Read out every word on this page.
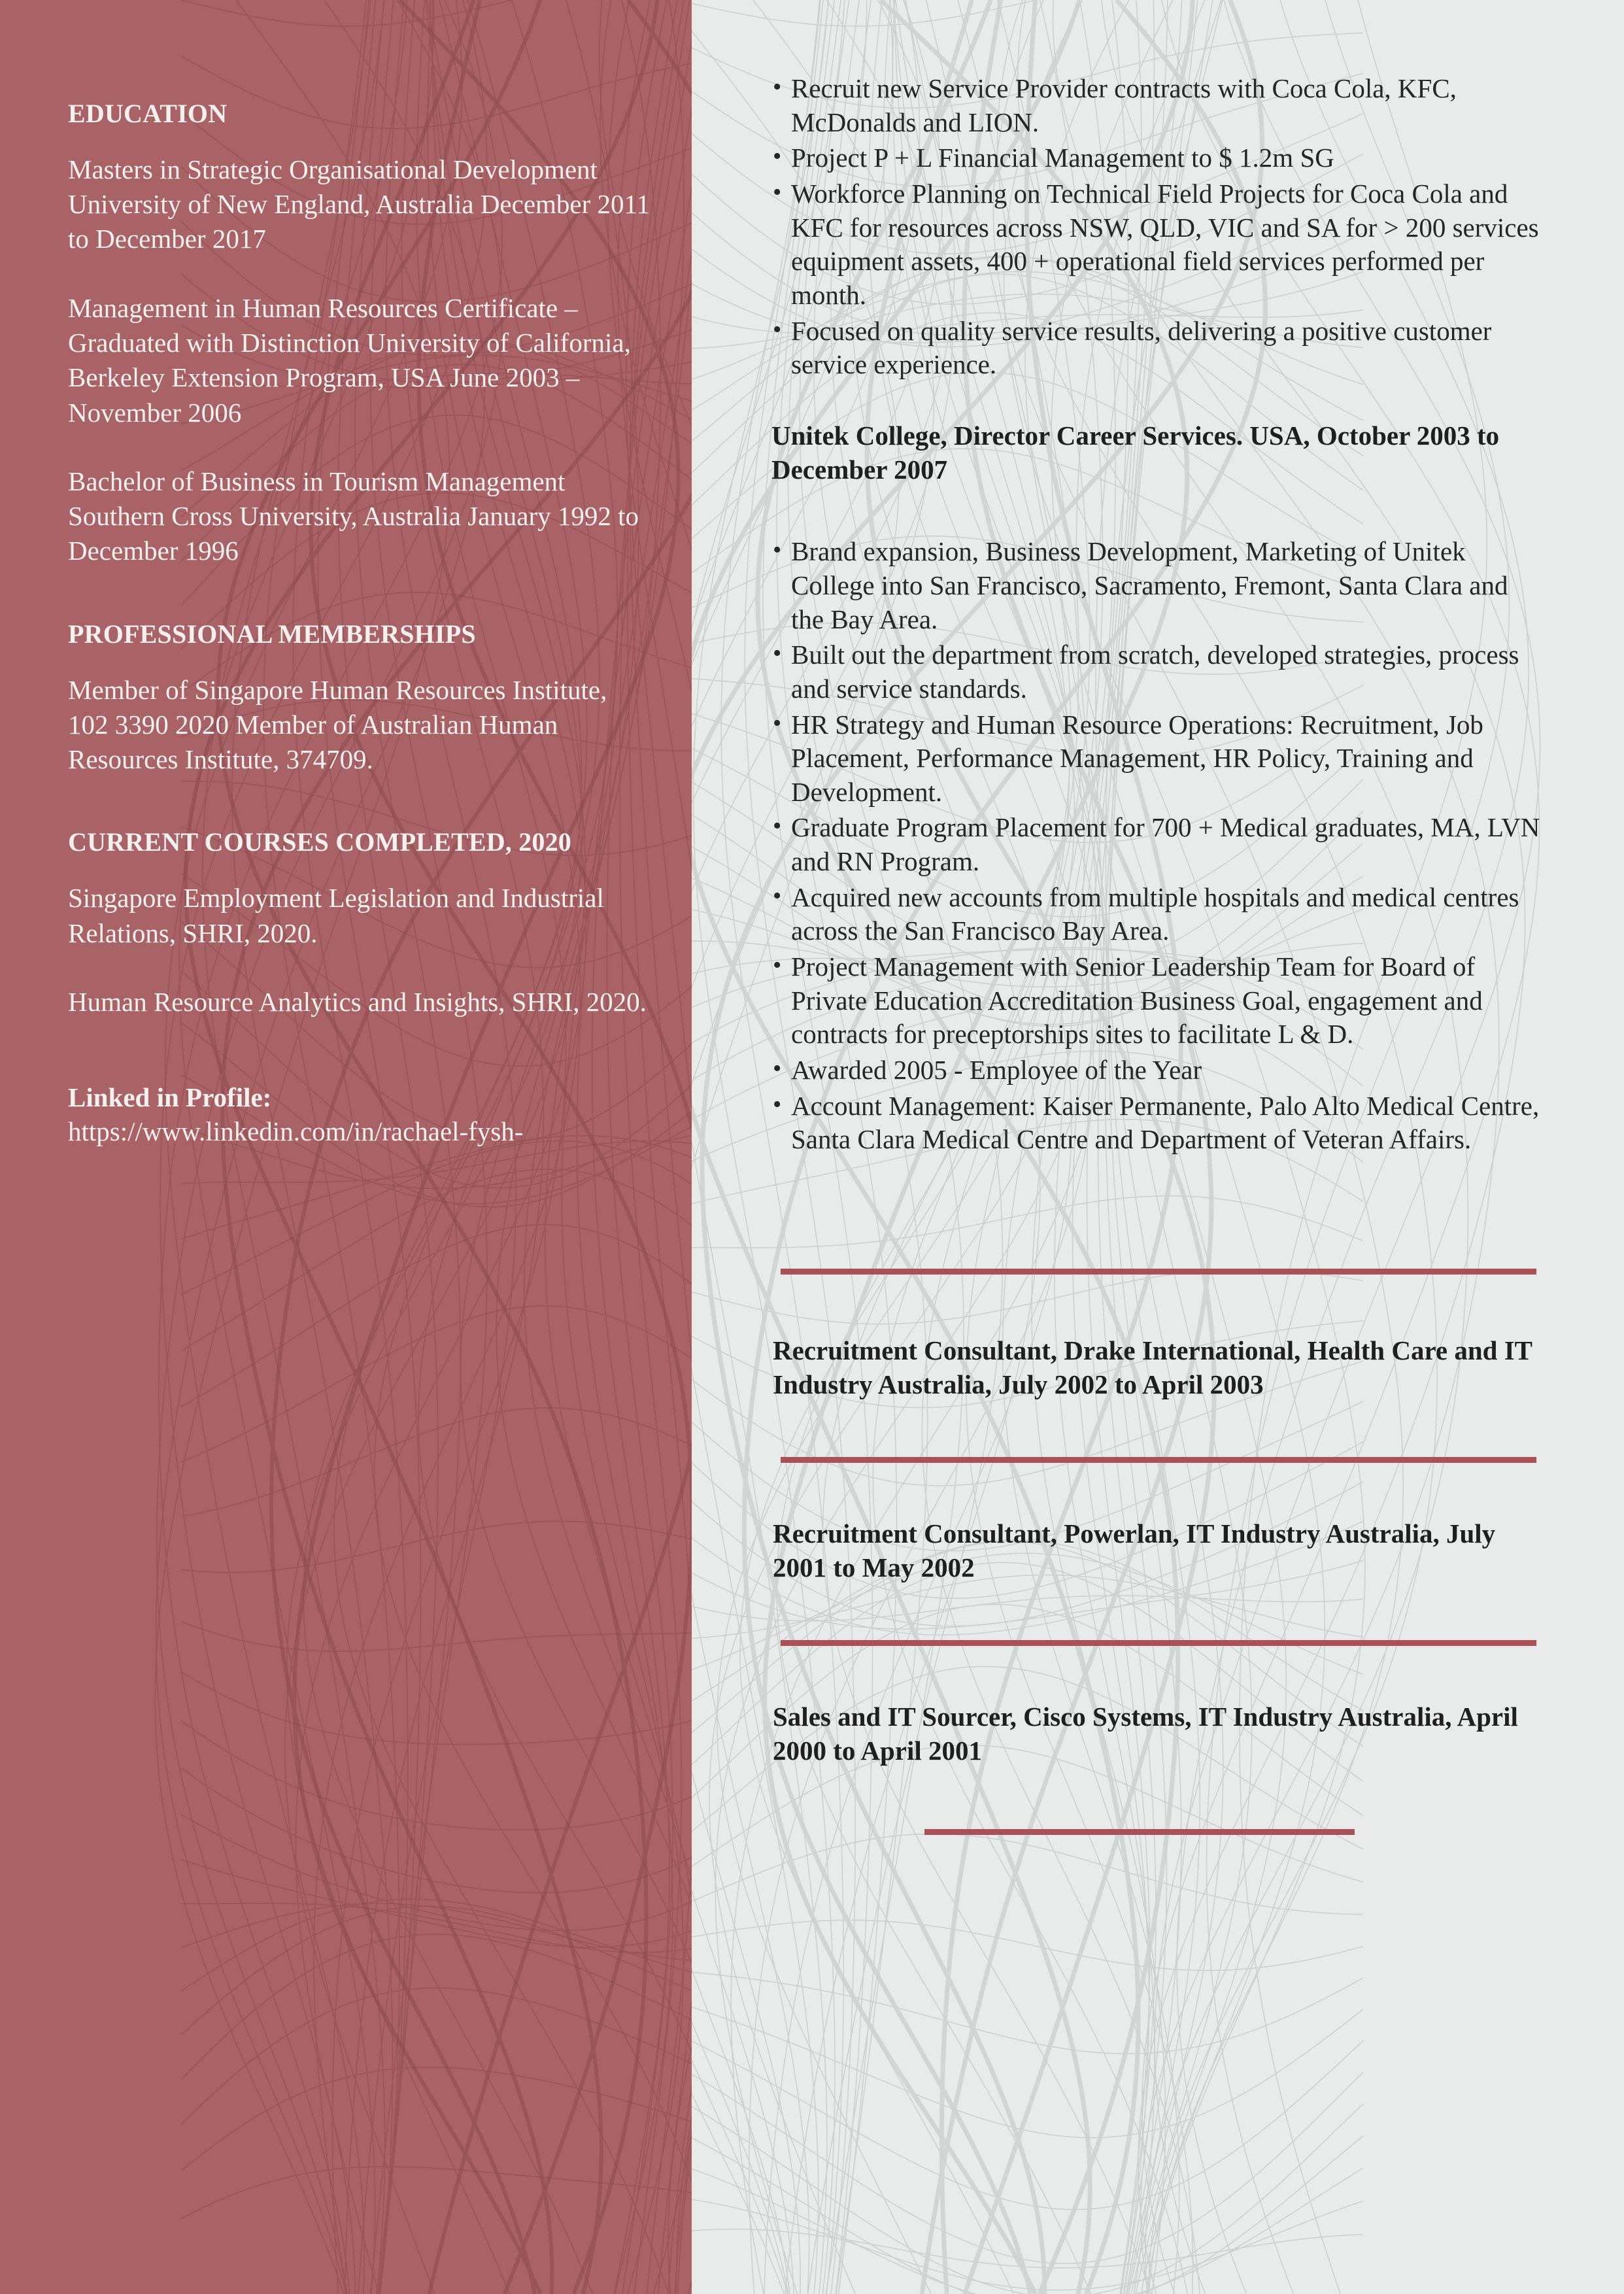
EDUCATION

Masters in Strategic Organisational Development University of New England, Australia December 2011 to December 2017

Management in Human Resources Certificate – Graduated with Distinction University of California, Berkeley Extension Program, USA June 2003 – November 2006

Bachelor of Business in Tourism Management Southern Cross University, Australia January 1992 to December 1996

PROFESSIONAL MEMBERSHIPS

Member of Singapore Human Resources Institute, 102 3390 2020 Member of Australian Human Resources Institute, 374709.

CURRENT COURSES COMPLETED, 2020

Singapore Employment Legislation and Industrial Relations, SHRI, 2020.

Human Resource Analytics and Insights, SHRI, 2020.

Linked in Profile:

https://www.linkedin.com/in/rachael-fysh-

• Recruit new Service Provider contracts with Coca Cola, KFC, McDonalds and LION.
• Project P + L Financial Management to $ 1.2m SG
• Workforce Planning on Technical Field Projects for Coca Cola and KFC for resources across NSW, QLD, VIC and SA for > 200 services equipment assets, 400 + operational field services performed per month.
• Focused on quality service results, delivering a positive customer service experience.

Unitek College, Director Career Services. USA, October 2003 to December 2007

• Brand expansion, Business Development, Marketing of Unitek College into San Francisco, Sacramento, Fremont, Santa Clara and the Bay Area.
• Built out the department from scratch, developed strategies, process and service standards.
• HR Strategy and Human Resource Operations: Recruitment, Job Placement, Performance Management, HR Policy, Training and Development.
• Graduate Program Placement for 700 + Medical graduates, MA, LVN and RN Program.
• Acquired new accounts from multiple hospitals and medical centres across the San Francisco Bay Area.
• Project Management with Senior Leadership Team for Board of Private Education Accreditation Business Goal, engagement and contracts for preceptorships sites to facilitate L & D.
• Awarded 2005 - Employee of the Year
• Account Management: Kaiser Permanente, Palo Alto Medical Centre, Santa Clara Medical Centre and Department of Veteran Affairs.

Recruitment Consultant, Drake International, Health Care and IT Industry Australia, July 2002 to April 2003

Recruitment Consultant, Powerlan, IT Industry Australia, July 2001 to May 2002

Sales and IT Sourcer, Cisco Systems, IT Industry Australia, April 2000 to April 2001
